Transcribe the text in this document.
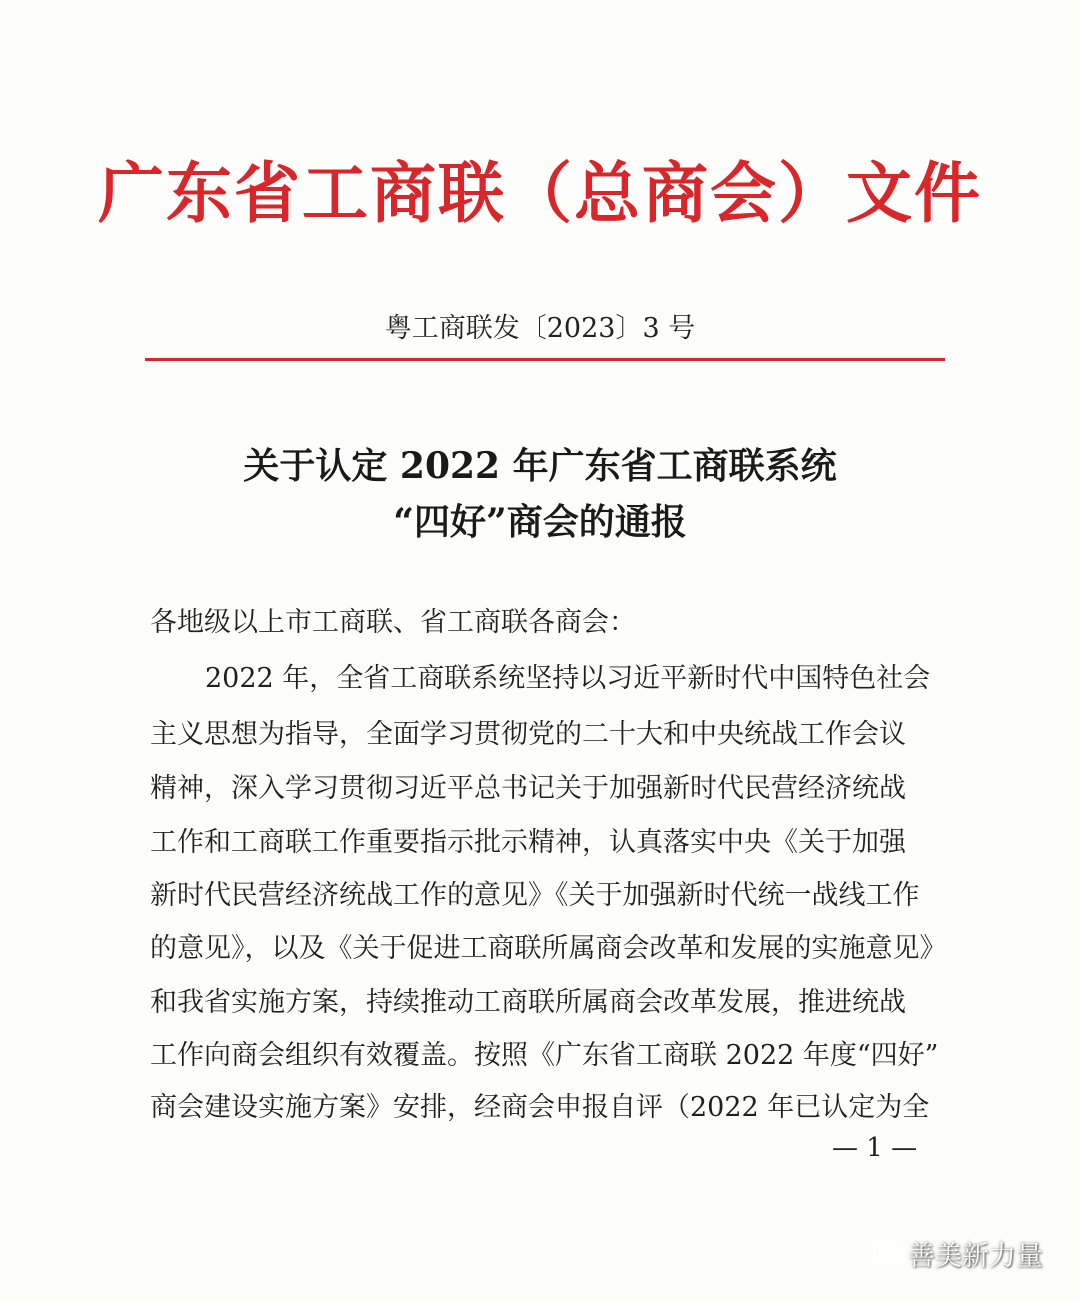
广东省工商联（总商会）文件
粤工商联发〔2023〕3 号
关于认定 2022 年广东省工商联系统
“四好”商会的通报
各地级以上市工商联、省工商联各商会：
2022 年，全省工商联系统坚持以习近平新时代中国特色社会
主义思想为指导，全面学习贯彻党的二十大和中央统战工作会议
精神，深入学习贯彻习近平总书记关于加强新时代民营经济统战
工作和工商联工作重要指示批示精神，认真落实中央《关于加强
新时代民营经济统战工作的意见》《关于加强新时代统一战线工作
的意见》，以及《关于促进工商联所属商会改革和发展的实施意见》
和我省实施方案，持续推动工商联所属商会改革发展，推进统战
工作向商会组织有效覆盖。按照《广东省工商联 2022 年度“四好”
商会建设实施方案》安排，经商会申报自评（2022 年已认定为全
— 1 —
善美新力量
